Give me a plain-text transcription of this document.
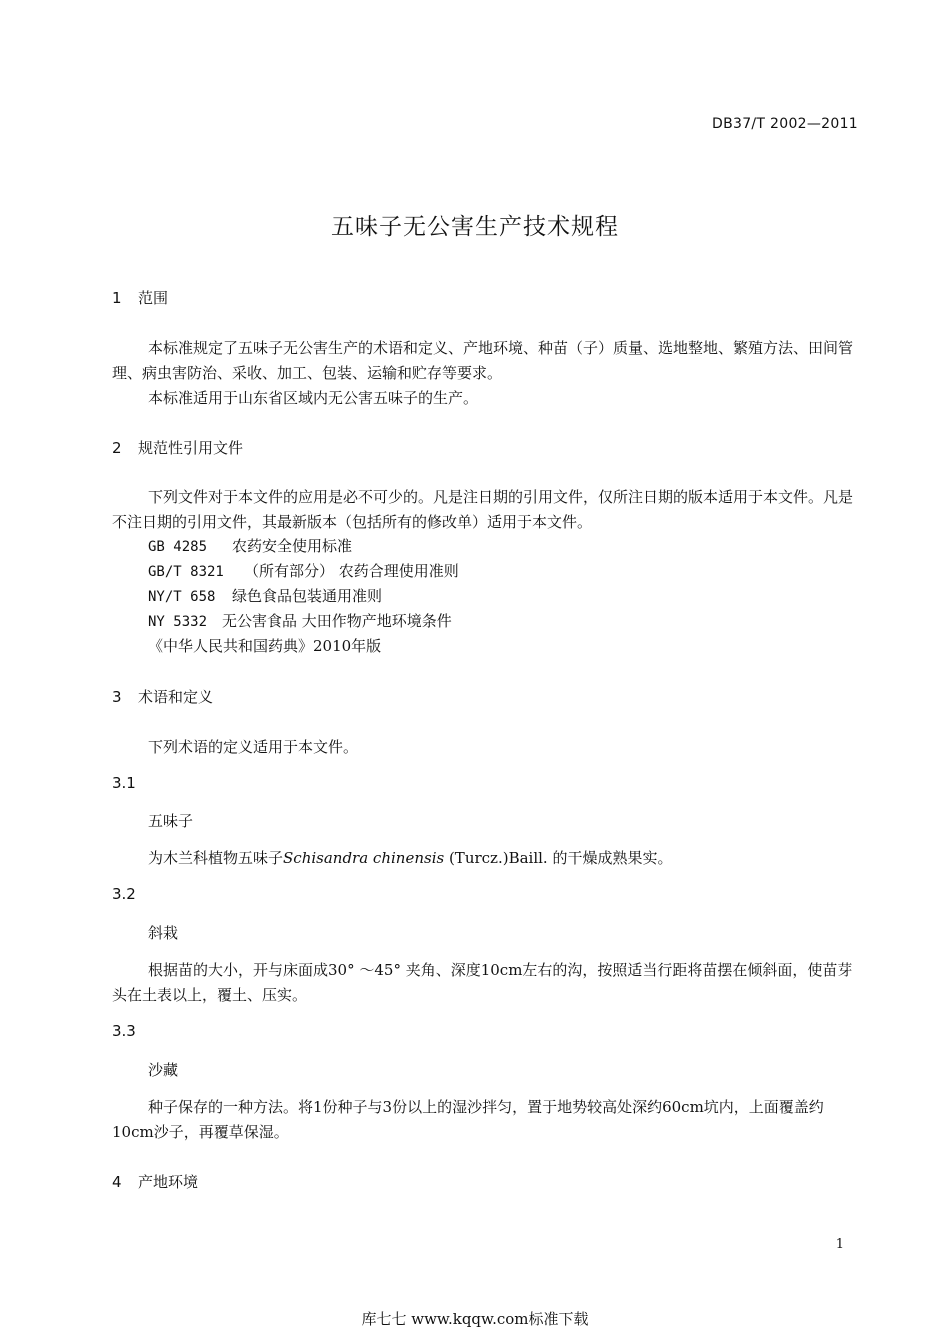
DB37/T 2002—2011
五味子无公害生产技术规程
1 范围
本标准规定了五味子无公害生产的术语和定义、产地环境、种苗（子）质量、选地整地、繁殖方法、田间管理、病虫害防治、采收、加工、包装、运输和贮存等要求。
本标准适用于山东省区域内无公害五味子的生产。
2 规范性引用文件
下列文件对于本文件的应用是必不可少的。凡是注日期的引用文件，仅所注日期的版本适用于本文件。凡是不注日期的引用文件，其最新版本（包括所有的修改单）适用于本文件。
GB 4285 农药安全使用标准
GB/T 8321 （所有部分） 农药合理使用准则
NY/T 658 绿色食品包装通用准则
NY 5332 无公害食品 大田作物产地环境条件
《中华人民共和国药典》2010年版
3 术语和定义
下列术语的定义适用于本文件。
3.1
五味子
为木兰科植物五味子Schisandra chinensis (Turcz.)Baill. 的干燥成熟果实。
3.2
斜栽
根据苗的大小，开与床面成30° ～45° 夹角、深度10cm左右的沟，按照适当行距将苗摆在倾斜面，使苗芽头在土表以上，覆土、压实。
3.3
沙藏
种子保存的一种方法。将1份种子与3份以上的湿沙拌匀，置于地势较高处深约60cm坑内，上面覆盖约10cm沙子，再覆草保湿。
4 产地环境
1
库七七 www.kqqw.com标准下载
